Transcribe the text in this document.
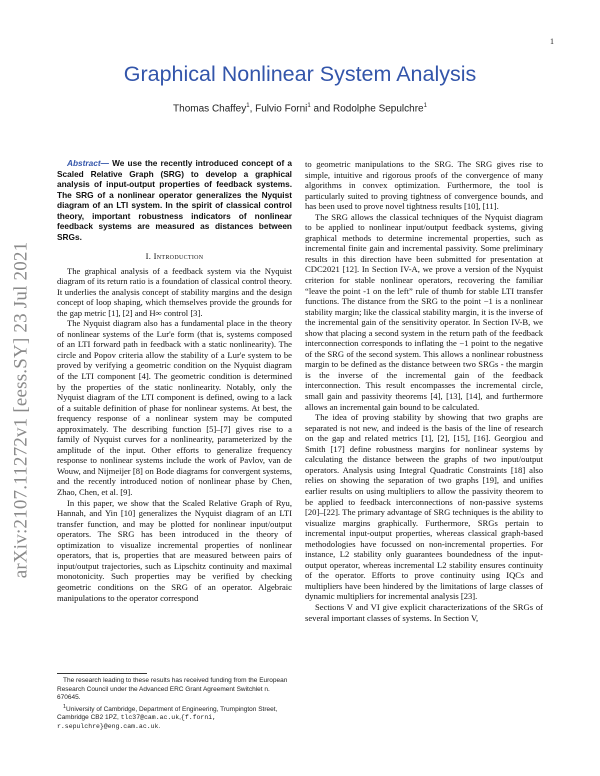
1
arXiv:2107.11272v1 [eess.SY] 23 Jul 2021
Graphical Nonlinear System Analysis
Thomas Chaffey$^1$, Fulvio Forni$^1$ and Rodolphe Sepulchre$^1$

Abstract— We use the recently introduced concept of a Scaled Relative Graph (SRG) to develop a graphical analysis of input-output properties of feedback systems. The SRG of a nonlinear operator generalizes the Nyquist diagram of an LTI system. In the spirit of classical control theory, important robustness indicators of nonlinear feedback systems are measured as distances between SRGs.

I. Introduction

The graphical analysis of a feedback system via the Nyquist diagram of its return ratio is a foundation of classical control theory. It underlies the analysis concept of stability margins and the design concept of loop shaping, which themselves provide the grounds for the gap metric [1], [2] and H∞ control [3].

The Nyquist diagram also has a fundamental place in the theory of nonlinear systems of the Lur'e form (that is, systems composed of an LTI forward path in feedback with a static nonlinearity). The circle and Popov criteria allow the stability of a Lur'e system to be proved by verifying a geometric condition on the Nyquist diagram of the LTI component [4]. The geometric condition is determined by the properties of the static nonlinearity. Notably, only the Nyquist diagram of the LTI component is defined, owing to a lack of a suitable definition of phase for nonlinear systems. At best, the frequency response of a nonlinear system may be computed approximately. The describing function [5]–[7] gives rise to a family of Nyquist curves for a nonlinearity, parameterized by the amplitude of the input. Other efforts to generalize frequency response to nonlinear systems include the work of Pavlov, van de Wouw, and Nijmeijer [8] on Bode diagrams for convergent systems, and the recently introduced notion of nonlinear phase by Chen, Zhao, Chen, et al. [9].

In this paper, we show that the Scaled Relative Graph of Ryu, Hannah, and Yin [10] generalizes the Nyquist diagram of an LTI transfer function, and may be plotted for nonlinear input/output operators. The SRG has been introduced in the theory of optimization to visualize incremental properties of nonlinear operators, that is, properties that are measured between pairs of input/output trajectories, such as Lipschitz continuity and maximal monotonicity. Such properties may be verified by checking geometric conditions on the SRG of an operator. Algebraic manipulations to the operator correspond

to geometric manipulations to the SRG. The SRG gives rise to simple, intuitive and rigorous proofs of the convergence of many algorithms in convex optimization. Furthermore, the tool is particularly suited to proving tightness of convergence bounds, and has been used to prove novel tightness results [10], [11].

The SRG allows the classical techniques of the Nyquist diagram to be applied to nonlinear input/output feedback systems, giving graphical methods to determine incremental properties, such as incremental finite gain and incremental passivity. Some preliminary results in this direction have been submitted for presentation at CDC2021 [12]. In Section IV-A, we prove a version of the Nyquist criterion for stable nonlinear operators, recovering the familiar “leave the point -1 on the left” rule of thumb for stable LTI transfer functions. The distance from the SRG to the point −1 is a nonlinear stability margin; like the classical stability margin, it is the inverse of the incremental gain of the sensitivity operator. In Section IV-B, we show that placing a second system in the return path of the feedback interconnection corresponds to inflating the −1 point to the negative of the SRG of the second system. This allows a nonlinear robustness margin to be defined as the distance between two SRGs - the margin is the inverse of the incremental gain of the feedback interconnection. This result encompasses the incremental circle, small gain and passivity theorems [4], [13], [14], and furthermore allows an incremental gain bound to be calculated.

The idea of proving stability by showing that two graphs are separated is not new, and indeed is the basis of the line of research on the gap and related metrics [1], [2], [15], [16]. Georgiou and Smith [17] define robustness margins for nonlinear systems by calculating the distance between the graphs of two input/output operators. Analysis using Integral Quadratic Constraints [18] also relies on showing the separation of two graphs [19], and unifies earlier results on using multipliers to allow the passivity theorem to be applied to feedback interconnections of non-passive systems [20]–[22]. The primary advantage of SRG techniques is the ability to visualize margins graphically. Furthermore, SRGs pertain to incremental input-output properties, whereas classical graph-based methodologies have focussed on non-incremental properties. For instance, L2 stability only guarantees boundedness of the input-output operator, whereas incremental L2 stability ensures continuity of the operator. Efforts to prove continuity using IQCs and multipliers have been hindered by the limitations of large classes of dynamic multipliers for incremental analysis [23].

Sections V and VI give explicit characterizations of the SRGs of several important classes of systems. In Section V,

The research leading to these results has received funding from the European Research Council under the Advanced ERC Grant Agreement Switchlet n. 670645.

$^1$University of Cambridge, Department of Engineering, Trumpington Street, Cambridge CB2 1PZ, tlc37@cam.ac.uk,{f.forni, r.sepulchre}@eng.cam.ac.uk.
